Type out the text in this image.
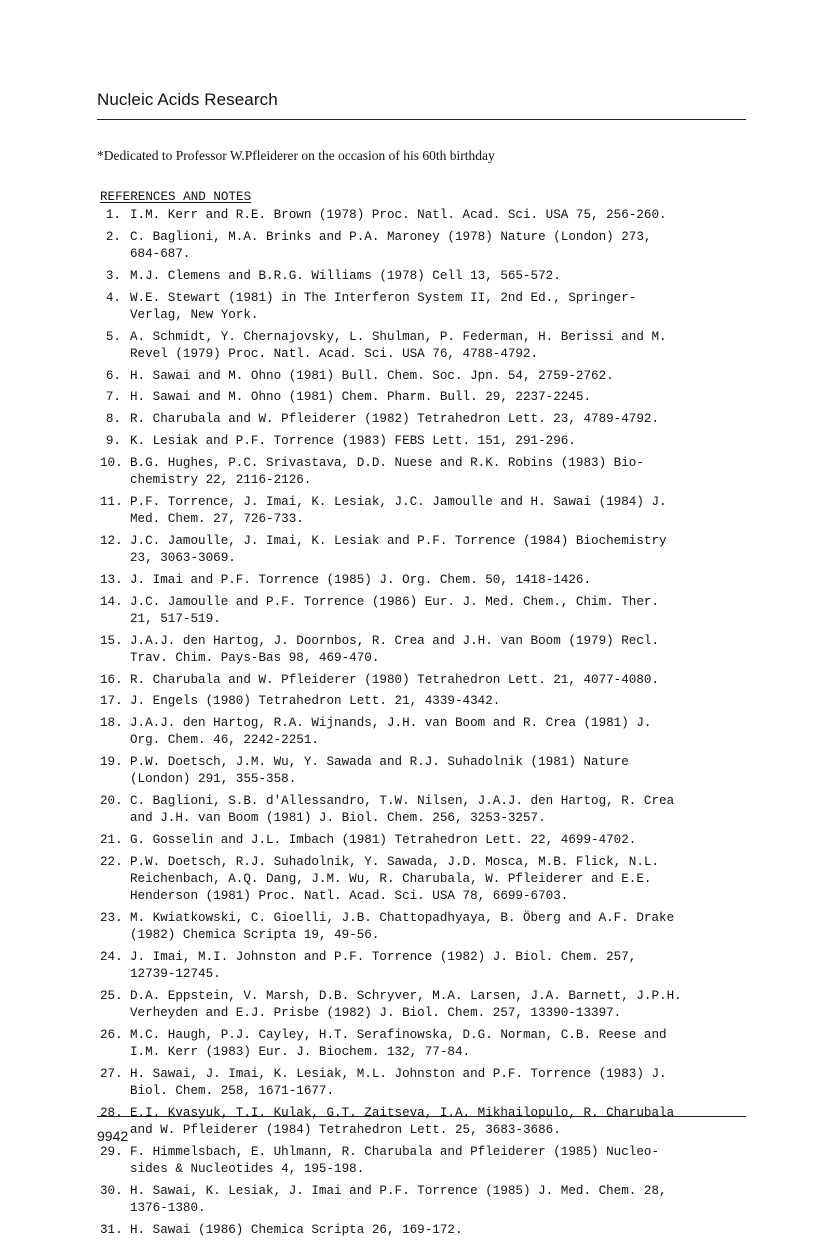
Nucleic Acids Research
*Dedicated to Professor W.Pfleiderer on the occasion of his 60th birthday
REFERENCES AND NOTES
1. I.M. Kerr and R.E. Brown (1978) Proc. Natl. Acad. Sci. USA 75, 256-260.
2. C. Baglioni, M.A. Brinks and P.A. Maroney (1978) Nature (London) 273,
684-687.
3. M.J. Clemens and B.R.G. Williams (1978) Cell 13, 565-572.
4. W.E. Stewart (1981) in The Interferon System II, 2nd Ed., Springer-
Verlag, New York.
5. A. Schmidt, Y. Chernajovsky, L. Shulman, P. Federman, H. Berissi and M.
Revel (1979) Proc. Natl. Acad. Sci. USA 76, 4788-4792.
6. H. Sawai and M. Ohno (1981) Bull. Chem. Soc. Jpn. 54, 2759-2762.
7. H. Sawai and M. Ohno (1981) Chem. Pharm. Bull. 29, 2237-2245.
8. R. Charubala and W. Pfleiderer (1982) Tetrahedron Lett. 23, 4789-4792.
9. K. Lesiak and P.F. Torrence (1983) FEBS Lett. 151, 291-296.
10. B.G. Hughes, P.C. Srivastava, D.D. Nuese and R.K. Robins (1983) Bio-
chemistry 22, 2116-2126.
11. P.F. Torrence, J. Imai, K. Lesiak, J.C. Jamoulle and H. Sawai (1984) J.
Med. Chem. 27, 726-733.
12. J.C. Jamoulle, J. Imai, K. Lesiak and P.F. Torrence (1984) Biochemistry
23, 3063-3069.
13. J. Imai and P.F. Torrence (1985) J. Org. Chem. 50, 1418-1426.
14. J.C. Jamoulle and P.F. Torrence (1986) Eur. J. Med. Chem., Chim. Ther.
21, 517-519.
15. J.A.J. den Hartog, J. Doornbos, R. Crea and J.H. van Boom (1979) Recl.
Trav. Chim. Pays-Bas 98, 469-470.
16. R. Charubala and W. Pfleiderer (1980) Tetrahedron Lett. 21, 4077-4080.
17. J. Engels (1980) Tetrahedron Lett. 21, 4339-4342.
18. J.A.J. den Hartog, R.A. Wijnands, J.H. van Boom and R. Crea (1981) J.
Org. Chem. 46, 2242-2251.
19. P.W. Doetsch, J.M. Wu, Y. Sawada and R.J. Suhadolnik (1981) Nature
(London) 291, 355-358.
20. C. Baglioni, S.B. d'Allessandro, T.W. Nilsen, J.A.J. den Hartog, R. Crea
and J.H. van Boom (1981) J. Biol. Chem. 256, 3253-3257.
21. G. Gosselin and J.L. Imbach (1981) Tetrahedron Lett. 22, 4699-4702.
22. P.W. Doetsch, R.J. Suhadolnik, Y. Sawada, J.D. Mosca, M.B. Flick, N.L.
Reichenbach, A.Q. Dang, J.M. Wu, R. Charubala, W. Pfleiderer and E.E.
Henderson (1981) Proc. Natl. Acad. Sci. USA 78, 6699-6703.
23. M. Kwiatkowski, C. Gioelli, J.B. Chattopadhyaya, B. Öberg and A.F. Drake
(1982) Chemica Scripta 19, 49-56.
24. J. Imai, M.I. Johnston and P.F. Torrence (1982) J. Biol. Chem. 257,
12739-12745.
25. D.A. Eppstein, V. Marsh, D.B. Schryver, M.A. Larsen, J.A. Barnett, J.P.H.
Verheyden and E.J. Prisbe (1982) J. Biol. Chem. 257, 13390-13397.
26. M.C. Haugh, P.J. Cayley, H.T. Serafinowska, D.G. Norman, C.B. Reese and
I.M. Kerr (1983) Eur. J. Biochem. 132, 77-84.
27. H. Sawai, J. Imai, K. Lesiak, M.L. Johnston and P.F. Torrence (1983) J.
Biol. Chem. 258, 1671-1677.
28. E.I. Kvasyuk, T.I. Kulak, G.T. Zaitseva, I.A. Mikhailopulo, R. Charubala
and W. Pfleiderer (1984) Tetrahedron Lett. 25, 3683-3686.
29. F. Himmelsbach, E. Uhlmann, R. Charubala and Pfleiderer (1985) Nucleo-
sides & Nucleotides 4, 195-198.
30. H. Sawai, K. Lesiak, J. Imai and P.F. Torrence (1985) J. Med. Chem. 28,
1376-1380.
31. H. Sawai (1986) Chemica Scripta 26, 169-172.
9942
